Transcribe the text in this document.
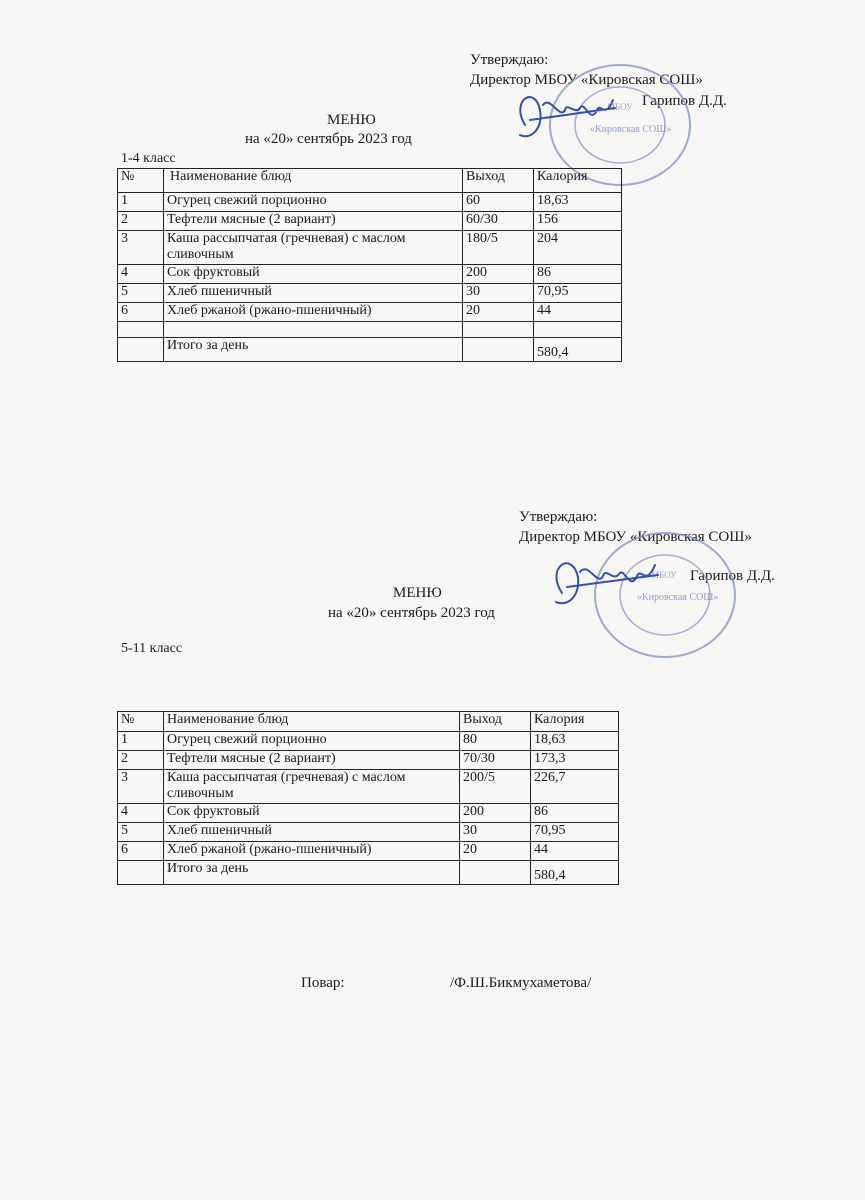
Утверждаю:
Директор МБОУ «Кировская СОШ»
Гарипов Д.Д.
«Кировская СОШ»
МБОУ
МЕНЮ
на «20» сентябрь 2023 год
1-4 класс
№	Наименование блюд	Выход	Калория
1	Огурец свежий порционно	60	18,63
2	Тефтели мясные (2 вариант)	60/30	156
3	Каша рассыпчатая (гречневая) с маслом сливочным	180/5	204
4	Сок фруктовый	200	86
5	Хлеб пшеничный	30	70,95
6	Хлеб ржаной (ржано-пшеничный)	20	44

	Итого за день		580,4
Утверждаю:
Директор МБОУ «Кировская СОШ»
Гарипов Д.Д.
«Кировская СОШ»
МБОУ
МЕНЮ
на «20» сентябрь 2023 год
5-11 класс
№	Наименование блюд	Выход	Калория
1	Огурец свежий порционно	80	18,63
2	Тефтели мясные (2 вариант)	70/30	173,3
3	Каша рассыпчатая (гречневая) с маслом сливочным	200/5	226,7
4	Сок фруктовый	200	86
5	Хлеб пшеничный	30	70,95
6	Хлеб ржаной (ржано-пшеничный)	20	44
	Итого за день		580,4
Повар:	/Ф.Ш.Бикмухаметова/
